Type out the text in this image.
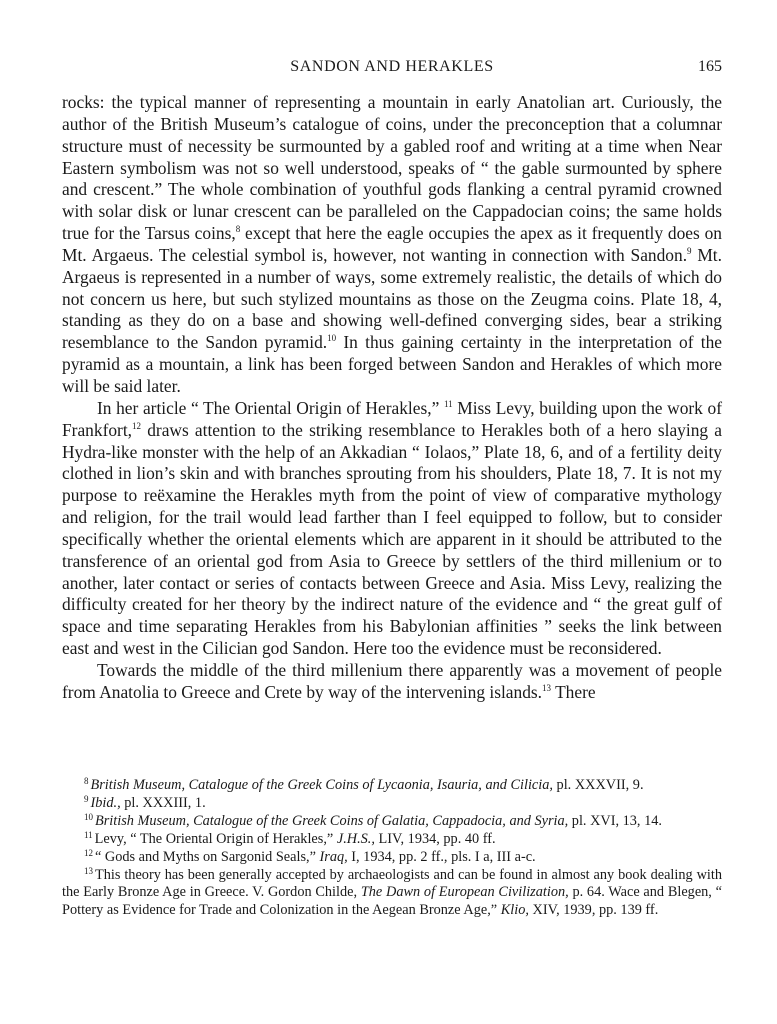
SANDON AND HERAKLES	165

rocks: the typical manner of representing a mountain in early Anatolian art. Curiously, the author of the British Museum’s catalogue of coins, under the preconception that a columnar structure must of necessity be surmounted by a gabled roof and writing at a time when Near Eastern symbolism was not so well understood, speaks of “ the gable surmounted by sphere and crescent.” The whole combination of youthful gods flanking a central pyramid crowned with solar disk or lunar crescent can be paralleled on the Cappadocian coins; the same holds true for the Tarsus coins,$^8$ except that here the eagle occupies the apex as it frequently does on Mt. Argaeus. The celestial symbol is, however, not wanting in connection with Sandon.$^9$ Mt. Argaeus is represented in a number of ways, some extremely realistic, the details of which do not concern us here, but such stylized mountains as those on the Zeugma coins. Plate 18, 4, standing as they do on a base and showing well-defined converging sides, bear a striking resemblance to the Sandon pyramid.$^{10}$ In thus gaining certainty in the interpretation of the pyramid as a mountain, a link has been forged between Sandon and Herakles of which more will be said later.

In her article “ The Oriental Origin of Herakles,” $^{11}$ Miss Levy, building upon the work of Frankfort,$^{12}$ draws attention to the striking resemblance to Herakles both of a hero slaying a Hydra-like monster with the help of an Akkadian “ Iolaos,” Plate 18, 6, and of a fertility deity clothed in lion’s skin and with branches sprouting from his shoulders, Plate 18, 7. It is not my purpose to reëxamine the Herakles myth from the point of view of comparative mythology and religion, for the trail would lead farther than I feel equipped to follow, but to consider specifically whether the oriental elements which are apparent in it should be attributed to the transference of an oriental god from Asia to Greece by settlers of the third millenium or to another, later contact or series of contacts between Greece and Asia. Miss Levy, realizing the difficulty created for her theory by the indirect nature of the evidence and “ the great gulf of space and time separating Herakles from his Babylonian affinities ” seeks the link between east and west in the Cilician god Sandon. Here too the evidence must be reconsidered.

Towards the middle of the third millenium there apparently was a movement of people from Anatolia to Greece and Crete by way of the intervening islands.$^{13}$ There

$^8$ British Museum, Catalogue of the Greek Coins of Lycaonia, Isauria, and Cilicia, pl. XXXVII, 9.

$^9$ Ibid., pl. XXXIII, 1.

$^{10}$ British Museum, Catalogue of the Greek Coins of Galatia, Cappadocia, and Syria, pl. XVI, 13, 14.

$^{11}$ Levy, “ The Oriental Origin of Herakles,” J.H.S., LIV, 1934, pp. 40 ff.

$^{12}$ “ Gods and Myths on Sargonid Seals,” Iraq, I, 1934, pp. 2 ff., pls. I a, III a-c.

$^{13}$ This theory has been generally accepted by archaeologists and can be found in almost any book dealing with the Early Bronze Age in Greece. V. Gordon Childe, The Dawn of European Civilization, p. 64. Wace and Blegen, “ Pottery as Evidence for Trade and Colonization in the Aegean Bronze Age,” Klio, XIV, 1939, pp. 139 ff.
